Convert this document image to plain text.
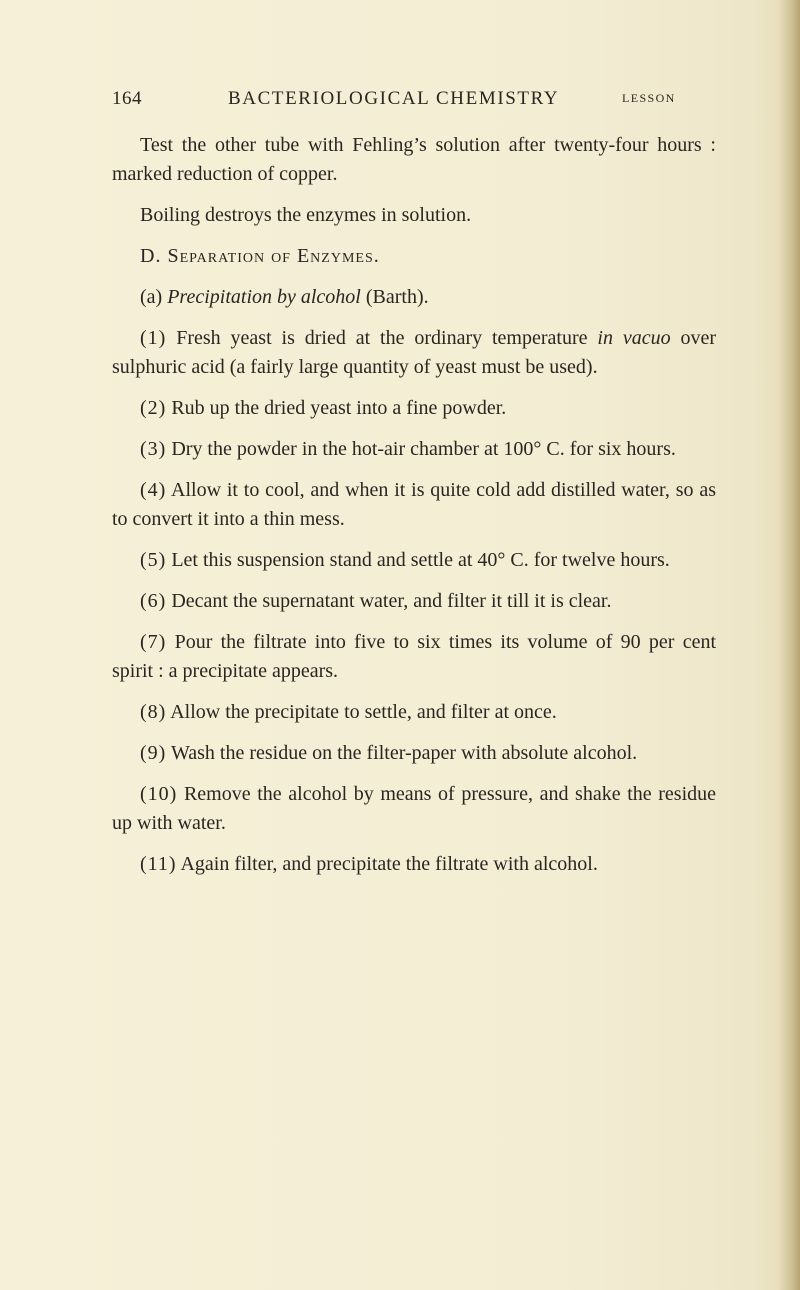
164	BACTERIOLOGICAL CHEMISTRY	LESSON

Test the other tube with Fehling’s solution after twenty-four hours : marked reduction of copper.

Boiling destroys the enzymes in solution.

D. Separation of Enzymes.

(a) Precipitation by alcohol (Barth).

(1) Fresh yeast is dried at the ordinary temperature in vacuo over sulphuric acid (a fairly large quantity of yeast must be used).

(2) Rub up the dried yeast into a fine powder.

(3) Dry the powder in the hot-air chamber at 100° C. for six hours.

(4) Allow it to cool, and when it is quite cold add distilled water, so as to convert it into a thin mess.

(5) Let this suspension stand and settle at 40° C. for twelve hours.

(6) Decant the supernatant water, and filter it till it is clear.

(7) Pour the filtrate into five to six times its volume of 90 per cent spirit : a precipitate appears.

(8) Allow the precipitate to settle, and filter at once.

(9) Wash the residue on the filter-paper with absolute alcohol.

(10) Remove the alcohol by means of pressure, and shake the residue up with water.

(11) Again filter, and precipitate the filtrate with alcohol.
